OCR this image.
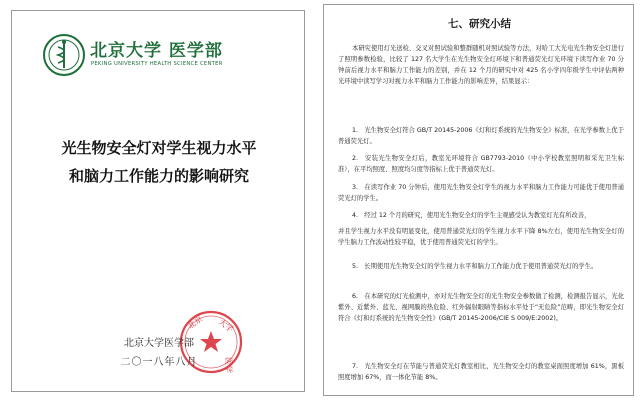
北京大学 医学部
PEKING UNIVERSITY HEALTH SCIENCE CENTER
光生物安全灯对学生视力水平
和脑力工作能力的影响研究
北京 大学
医学
北京大学医学部
二〇一八年八月
七、研究小结

本研究使用灯光送检、交叉对照试验和整群随机对照试验等方法，对哈工大光电光生物安全灯进行了照明参数检验，比较了 127 名大学生在光生物安全灯环境下和普通荧光灯光环境下读写作业 70 分钟前后视力水平和脑力工作能力的差别，并在 12 个月的研究中对 425 名小学四年级学生中评估两种光环境中读写学习对视力水平和脑力工作能力的影响差异，结果显示：

1.　光生物安全灯符合 GB/T 20145-2006《灯和灯系统的光生物安全》标准，在光学参数上优于普通荧光灯。

2.　安装光生物安全灯后，教室光环境符合 GB7793-2010（中小学校教室照明和采光卫生标准），在平均照度、照度均匀度等指标上优于普通荧光灯。

3.　在读写作业 70 分钟后，使用光生物安全灯学生的视力水平和脑力工作能力可能优于使用普通荧光灯的学生。

4.　经过 12 个月的研究，使用光生物安全灯的学生主观感受认为教室灯光有所改善，

并且学生视力水平没有明显变化，使用普通荧光灯的学生视力水平下降 8%左右，使用光生物安全灯的学生脑力工作波动性较平稳，优于使用普通荧光灯的学生。

5.　长期使用光生物安全灯的学生视力水平和脑力工作能力优于使用普通荧光灯的学生。

6.　在本研究的灯光检测中，亦对光生物安全灯的光生物安全参数做了检测，检测报告显示，光化紫外、近紫外、蓝光、视网膜的热危险、红外辐射眼睛等指标水平处于“无危险”范畴，即光生物安全灯符合《灯和灯系统的光生物安全性》(GB/T 20145-2006/CIE S 009/E:2002)。

7.　光生物安全灯在节能与普通荧光灯教室相比，光生物安全灯的教室桌面照度增加 61%，黑板照度增加 67%，而一体化节能 8%。
